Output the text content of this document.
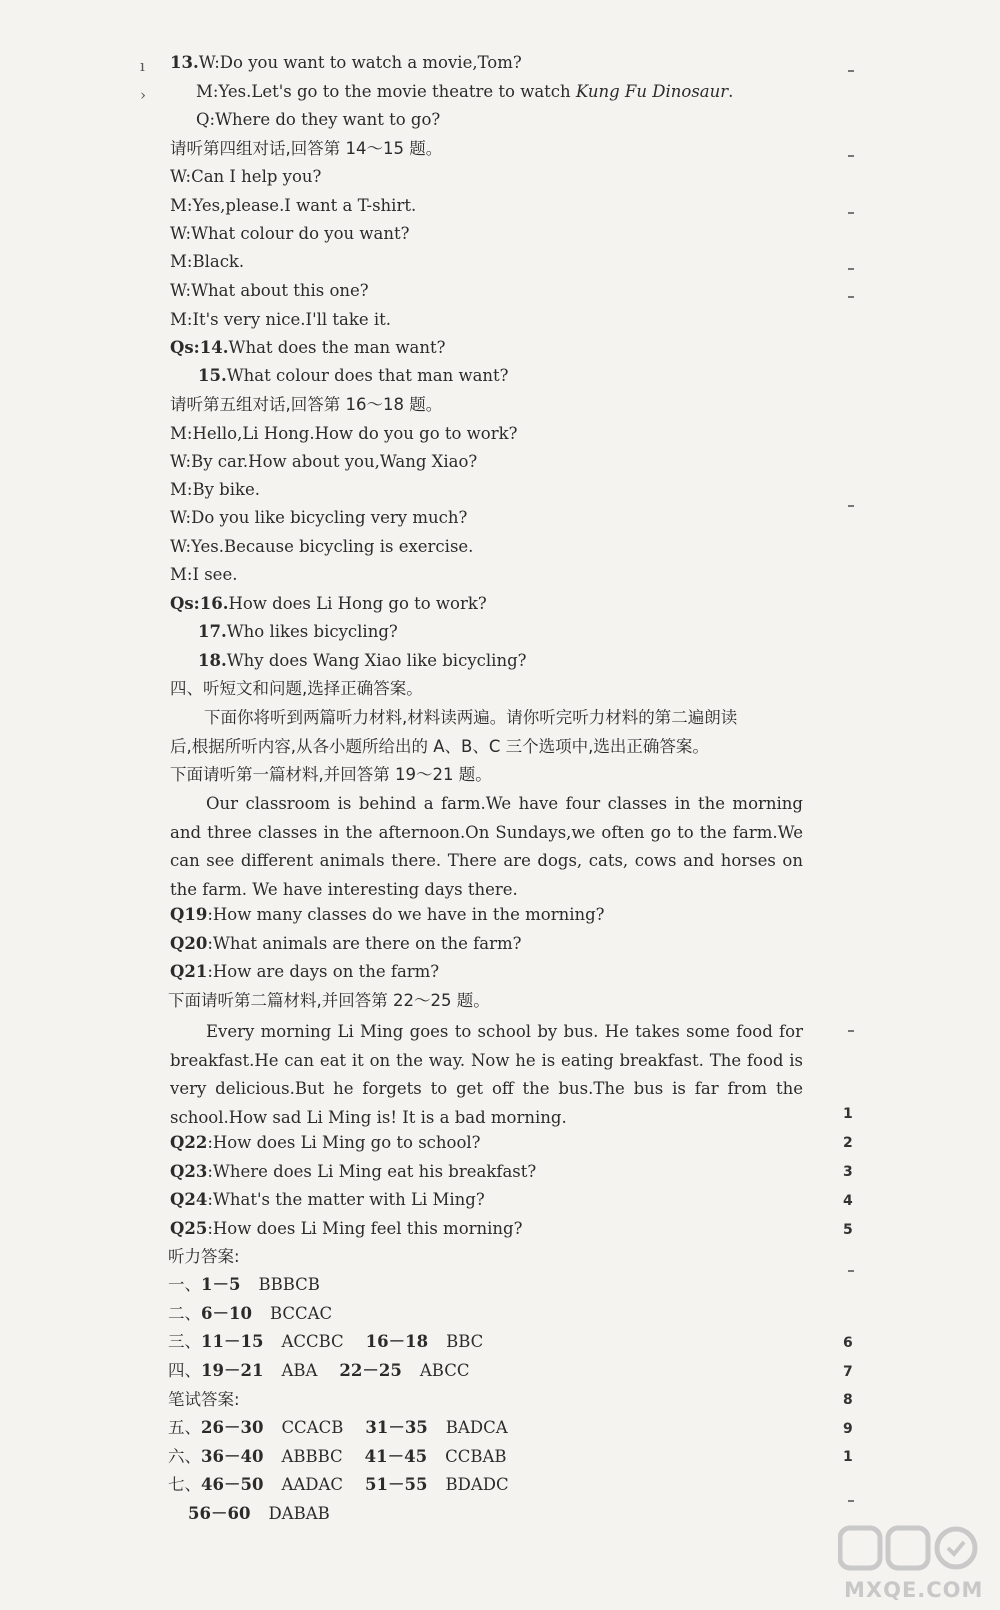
ı
›
13.W:Do you want to watch a movie,Tom?
M:Yes.Let's go to the movie theatre to watch Kung Fu Dinosaur.
Q:Where do they want to go?
请听第四组对话,回答第 14～15 题。
W:Can I help you?
M:Yes,please.I want a T-shirt.
W:What colour do you want?
M:Black.
W:What about this one?
M:It's very nice.I'll take it.
Qs:14.What does the man want?
15.What colour does that man want?
请听第五组对话,回答第 16～18 题。
M:Hello,Li Hong.How do you go to work?
W:By car.How about you,Wang Xiao?
M:By bike.
W:Do you like bicycling very much?
W:Yes.Because bicycling is exercise.
M:I see.
Qs:16.How does Li Hong go to work?
17.Who likes bicycling?
18.Why does Wang Xiao like bicycling?
四、听短文和问题,选择正确答案。
下面你将听到两篇听力材料,材料读两遍。请你听完听力材料的第二遍朗读
后,根据所听内容,从各小题所给出的 A、B、C 三个选项中,选出正确答案。
下面请听第一篇材料,并回答第 19～21 题。
Our classroom is behind a farm.We have four classes in the morning and three classes in the afternoon.On Sundays,we often go to the farm.We can see different animals there. There are dogs, cats, cows and horses on the farm. We have interesting days there.
Q19:How many classes do we have in the morning?
Q20:What animals are there on the farm?
Q21:How are days on the farm?
下面请听第二篇材料,并回答第 22～25 题。
Every morning Li Ming goes to school by bus. He takes some food for breakfast.He can eat it on the way. Now he is eating breakfast. The food is very delicious.But he forgets to get off the bus.The bus is far from the school.How sad Li Ming is! It is a bad morning.
Q22:How does Li Ming go to school?
Q23:Where does Li Ming eat his breakfast?
Q24:What's the matter with Li Ming?
Q25:How does Li Ming feel this morning?
听力答案:
一、1－5 BBBCB
二、6－10 BCCAC
三、11－15 ACCBC 16－18 BBC
四、19－21 ABA 22－25 ABCC
笔试答案:
五、26－30 CCACB 31－35 BADCA
六、36－40 ABBBC 41－45 CCBAB
七、46－50 AADAC 51－55 BDADC
56－60 DABAB
1
2
3
4
5
6
7
8
9
1
MXQE.COM
